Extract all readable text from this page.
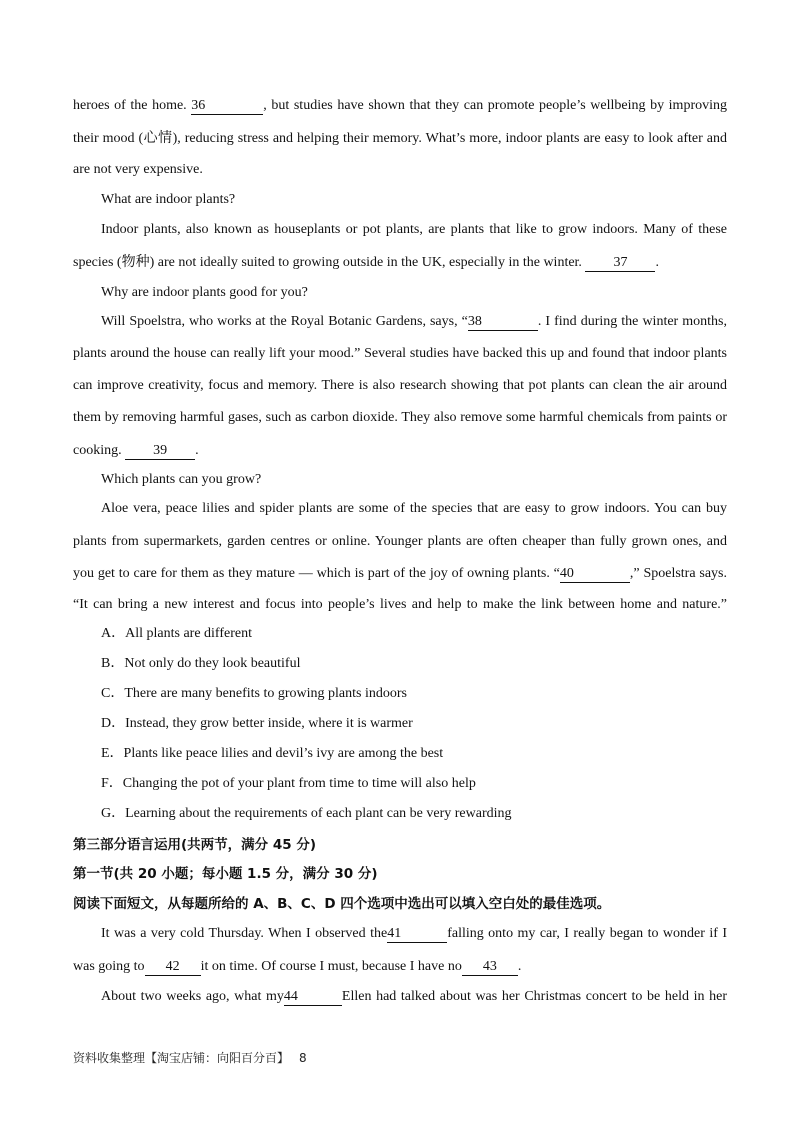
heroes of the home. 36	, but studies have shown that they can promote people’s wellbeing by improving
their mood (心情), reducing stress and helping their memory. What’s more, indoor plants are easy to look after and
are not very expensive.
What are indoor plants?
Indoor plants, also known as houseplants or pot plants, are plants that like to grow indoors. Many of these
species (物种) are not ideally suited to growing outside in the UK, especially in the winter. 37 .
Why are indoor plants good for you?
Will Spoelstra, who works at the Royal Botanic Gardens, says, “38	. I find during the winter months,
plants around the house can really lift your mood.” Several studies have backed this up and found that indoor plants
can improve creativity, focus and memory. There is also research showing that pot plants can clean the air around
them by removing harmful gases, such as carbon dioxide. They also remove some harmful chemicals from paints or
cooking. 39 .
Which plants can you grow?
Aloe vera, peace lilies and spider plants are some of the species that are easy to grow indoors. You can buy
plants from supermarkets, garden centres or online. Younger plants are often cheaper than fully grown ones, and
you get to care for them as they mature — which is part of the joy of owning plants. “40	,” Spoelstra says.
“It can bring a new interest and focus into people’s lives and help to make the link between home and nature.”
A．All plants are different
B．Not only do they look beautiful
C．There are many benefits to growing plants indoors
D．Instead, they grow better inside, where it is warmer
E．Plants like peace lilies and devil’s ivy are among the best
F．Changing the pot of your plant from time to time will also help
G．Learning about the requirements of each plant can be very rewarding
第三部分语言运用(共两节，满分 45 分)
第一节(共 20 小题；每小题 1.5 分，满分 30 分)
阅读下面短文，从每题所给的 A、B、C、D 四个选项中选出可以填入空白处的最佳选项。
It was a very cold Thursday. When I observed the41	falling onto my car, I really began to wonder if I
was going to 42 it on time. Of course I must, because I have no 43 .
About two weeks ago, what my44	Ellen had talked about was her Christmas concert to be held in her
资料收集整理【淘宝店铺：向阳百分百】 8
